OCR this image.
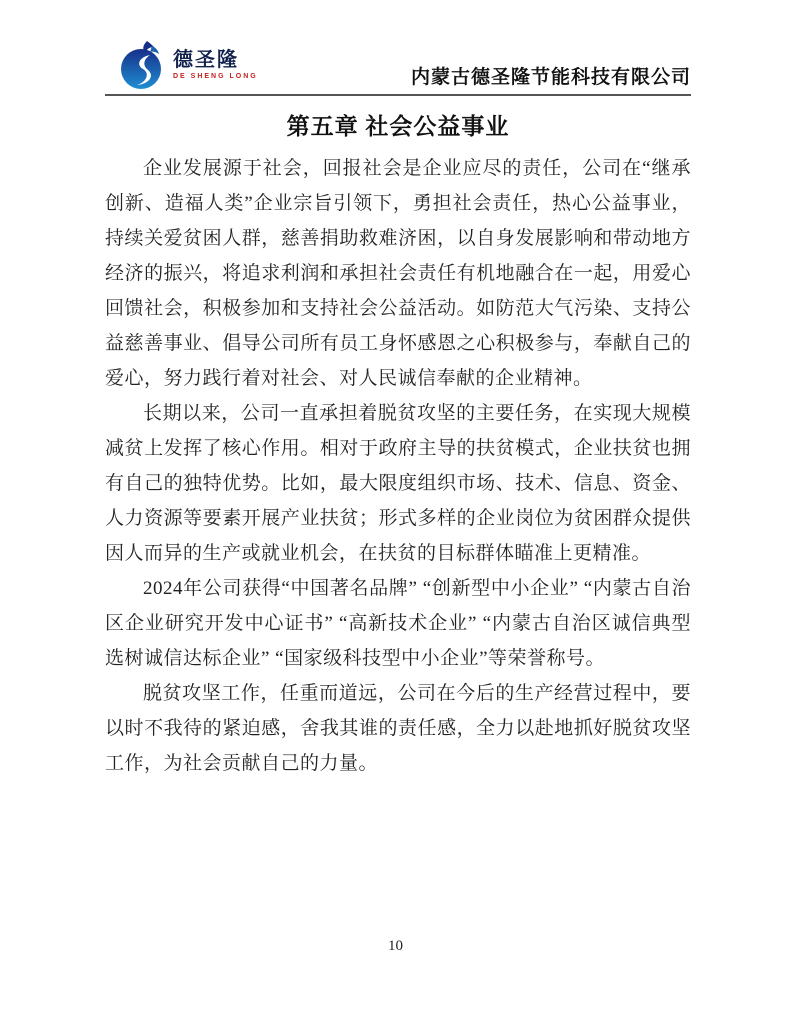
德圣隆
DE SHENG LONG	内蒙古德圣隆节能科技有限公司
第五章 社会公益事业

企业发展源于社会，回报社会是企业应尽的责任，公司在“继承创新、造福人类”企业宗旨引领下，勇担社会责任，热心公益事业，持续关爱贫困人群，慈善捐助救难济困，以自身发展影响和带动地方经济的振兴，将追求利润和承担社会责任有机地融合在一起，用爱心回馈社会，积极参加和支持社会公益活动。如防范大气污染、支持公益慈善事业、倡导公司所有员工身怀感恩之心积极参与，奉献自己的爱心，努力践行着对社会、对人民诚信奉献的企业精神。

长期以来，公司一直承担着脱贫攻坚的主要任务，在实现大规模减贫上发挥了核心作用。相对于政府主导的扶贫模式，企业扶贫也拥有自己的独特优势。比如，最大限度组织市场、技术、信息、资金、人力资源等要素开展产业扶贫；形式多样的企业岗位为贫困群众提供因人而异的生产或就业机会，在扶贫的目标群体瞄准上更精准。

2024年公司获得“中国著名品牌” “创新型中小企业” “内蒙古自治区企业研究开发中心证书” “高新技术企业” “内蒙古自治区诚信典型选树诚信达标企业” “国家级科技型中小企业”等荣誉称号。

脱贫攻坚工作，任重而道远，公司在今后的生产经营过程中，要以时不我待的紧迫感，舍我其谁的责任感，全力以赴地抓好脱贫攻坚工作，为社会贡献自己的力量。

10
